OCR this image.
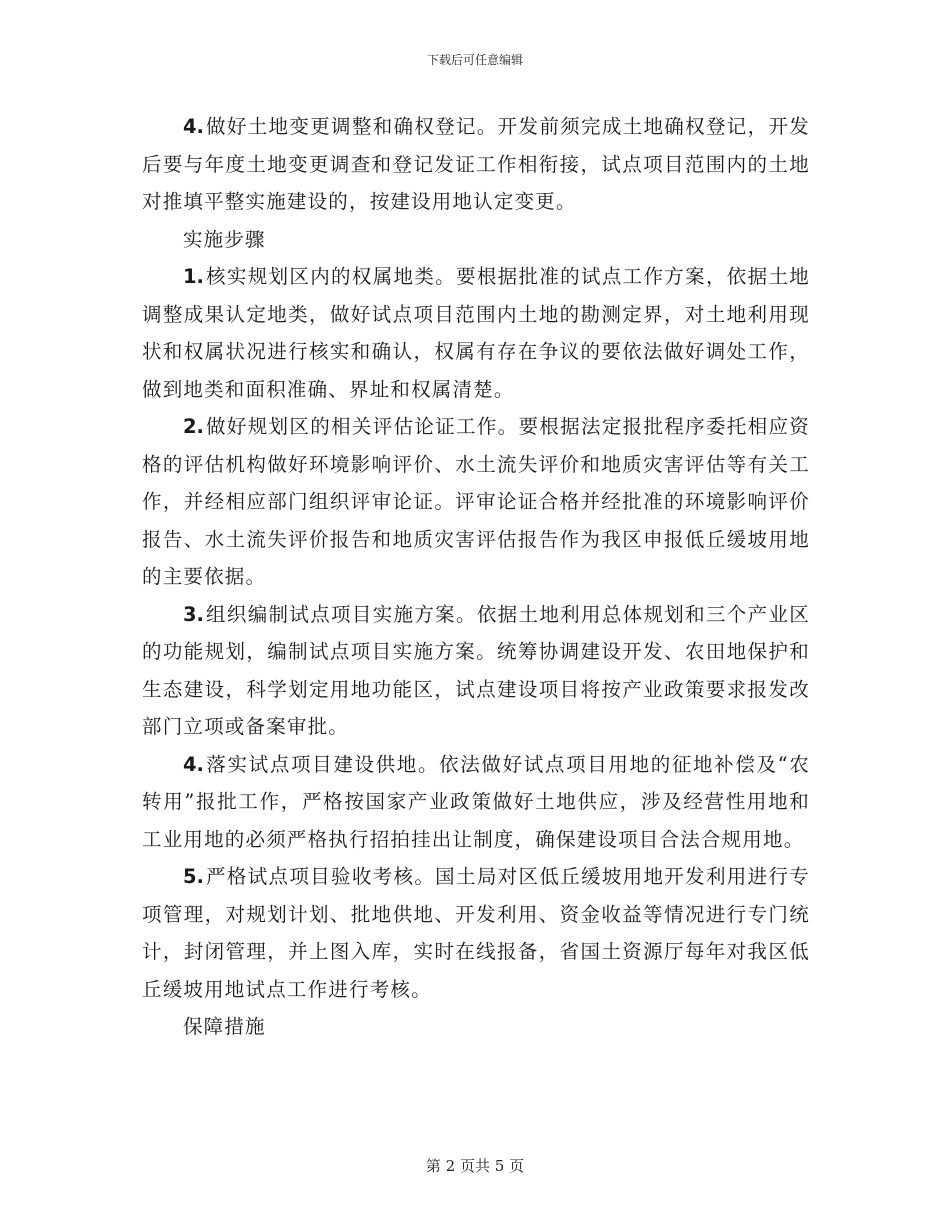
下载后可任意编辑

4. 做好土地变更调整和确权登记。开发前须完成土地确权登记，开发后要与年度土地变更调查和登记发证工作相衔接，试点项目范围内的土地对推填平整实施建设的，按建设用地认定变更。

实施步骤

1. 核实规划区内的权属地类。要根据批准的试点工作方案，依据土地调整成果认定地类，做好试点项目范围内土地的勘测定界，对土地利用现状和权属状况进行核实和确认，权属有存在争议的要依法做好调处工作，做到地类和面积准确、界址和权属清楚。

2. 做好规划区的相关评估论证工作。要根据法定报批程序委托相应资格的评估机构做好环境影响评价、水土流失评价和地质灾害评估等有关工作，并经相应部门组织评审论证。评审论证合格并经批准的环境影响评价报告、水土流失评价报告和地质灾害评估报告作为我区申报低丘缓坡用地的主要依据。

3. 组织编制试点项目实施方案。依据土地利用总体规划和三个产业区的功能规划，编制试点项目实施方案。统筹协调建设开发、农田地保护和生态建设，科学划定用地功能区，试点建设项目将按产业政策要求报发改部门立项或备案审批。

4. 落实试点项目建设供地。依法做好试点项目用地的征地补偿及“农转用”报批工作，严格按国家产业政策做好土地供应，涉及经营性用地和工业用地的必须严格执行招拍挂出让制度，确保建设项目合法合规用地。

5. 严格试点项目验收考核。国土局对区低丘缓坡用地开发利用进行专项管理，对规划计划、批地供地、开发利用、资金收益等情况进行专门统计，封闭管理，并上图入库，实时在线报备，省国土资源厅每年对我区低丘缓坡用地试点工作进行考核。

保障措施

第 2 页共 5 页
